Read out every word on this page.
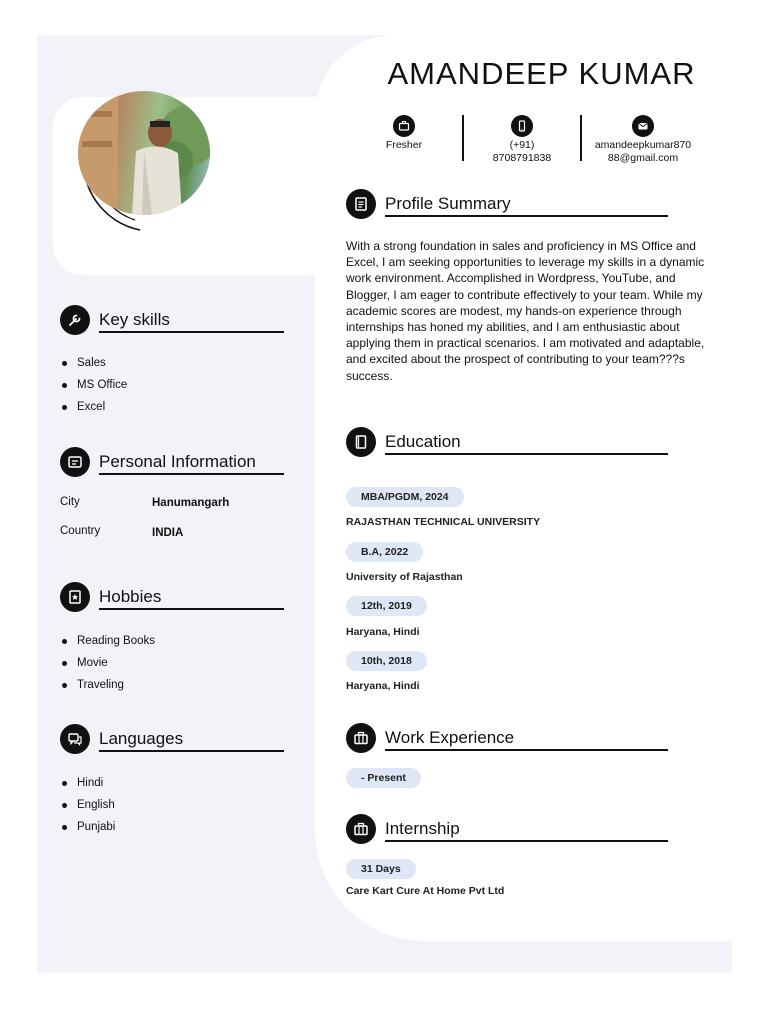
AMANDEEP KUMAR
Fresher	(+91)
8708791838
amandeepkumar870
88@gmail.com
Key skills
Sales
MS Office
Excel
Personal Information
City	Hanumangarh
Country	INDIA
Hobbies
Reading Books
Movie
Traveling
Languages
Hindi
English
Punjabi
Profile Summary
With a strong foundation in sales and proficiency in MS Office and Excel, I am seeking opportunities to leverage my skills in a dynamic work environment. Accomplished in Wordpress, YouTube, and Blogger, I am eager to contribute effectively to your team. While my academic scores are modest, my hands-on experience through internships has honed my abilities, and I am enthusiastic about applying them in practical scenarios. I am motivated and adaptable, and excited about the prospect of contributing to your team???s success.
Education
MBA/PGDM, 2024
RAJASTHAN TECHNICAL UNIVERSITY
B.A, 2022
University of Rajasthan
12th, 2019
Haryana, Hindi
10th, 2018
Haryana, Hindi
Work Experience
- Present
Internship
31 Days
Care Kart Cure At Home Pvt Ltd
